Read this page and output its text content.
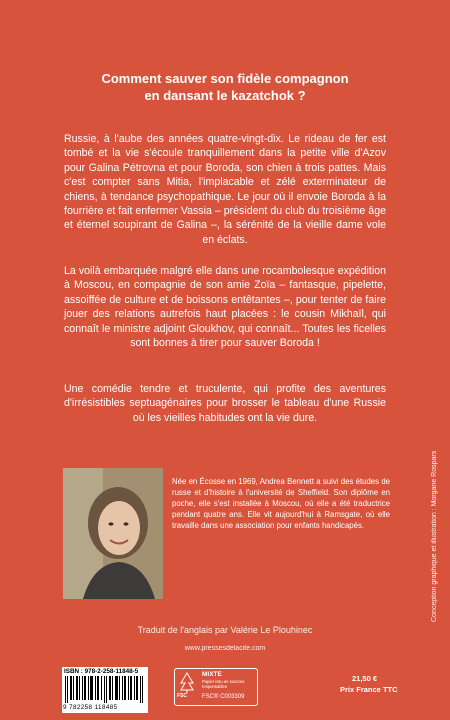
Comment sauver son fidèle compagnon
en dansant le kazatchok ?
Russie, à l'aube des années quatre-vingt-dix. Le rideau de fer est tombé et la vie s'écoule tranquillement dans la petite ville d'Azov pour Galina Pétrovna et pour Boroda, son chien à trois pattes. Mais c'est compter sans Mitia, l'implacable et zélé exterminateur de chiens, à tendance psychopathique. Le jour où il envoie Boroda à la fourrière et fait enfermer Vassia – président du club du troisième âge et éternel soupirant de Galina –, la sérénité de la vieille dame vole en éclats.
La voilà embarquée malgré elle dans une rocambolesque expédition à Moscou, en compagnie de son amie Zoïa – fantasque, pipelette, assoiffée de culture et de boissons entêtantes –, pour tenter de faire jouer des relations autrefois haut placées : le cousin Mikhaïl, qui connaît le ministre adjoint Gloukhov, qui connaît... Toutes les ficelles sont bonnes à tirer pour sauver Boroda !
Une comédie tendre et truculente, qui profite des aventures d'irrésistibles septuagénaires pour brosser le tableau d'une Russie où les vieilles habitudes ont la vie dure.
Née en Écosse en 1969, Andrea Bennett a suivi des études de russe et d'histoire à l'université de Sheffield. Son diplôme en poche, elle s'est installée à Moscou, où elle a été traductrice pendant quatre ans. Elle vit aujourd'hui à Ramsgate, où elle travaille dans une association pour enfants handicapés.	Conception graphique et illustration : Morgane Rospars
Traduit de l'anglais par Valérie Le Plouhinec
www.pressesdelacite.com
ISBN : 978-2-258-11848-5
9 782258 118485
FSC
MIXTE
Papier issu de sources responsables
FSC® C003309
21,50 €
Prix France TTC
